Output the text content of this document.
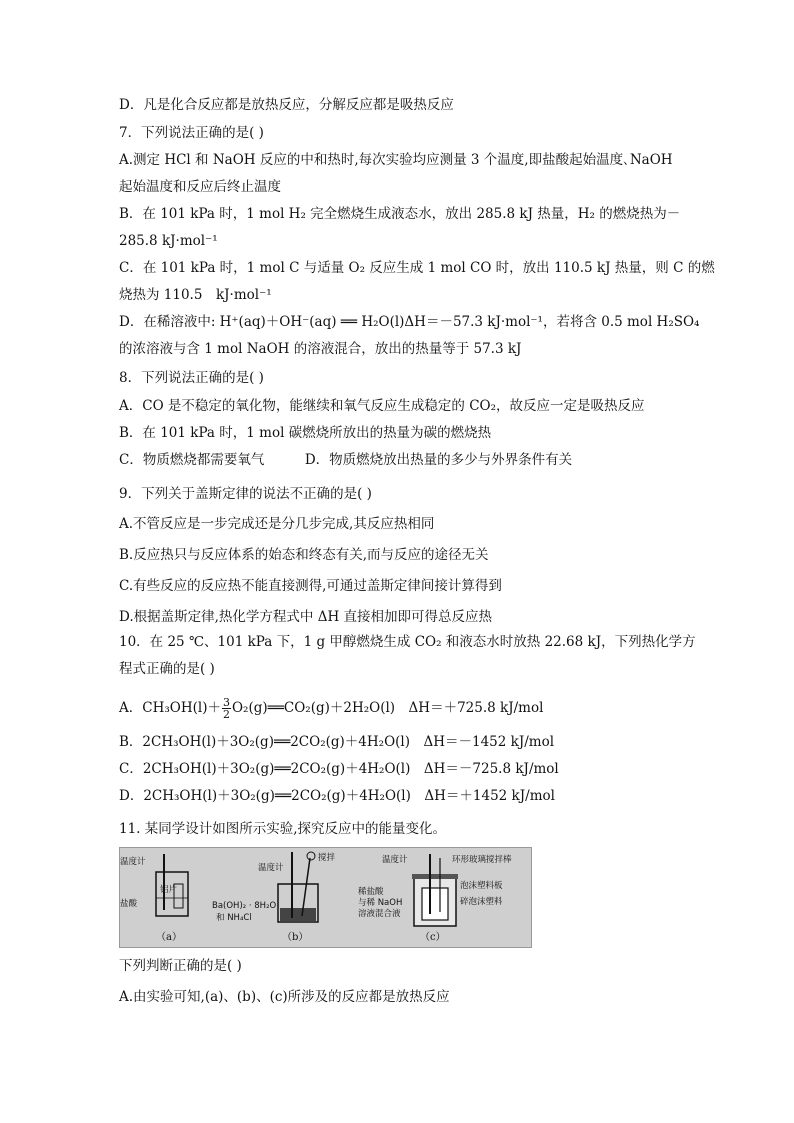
D．凡是化合反应都是放热反应，分解反应都是吸热反应
7．下列说法正确的是( )
A.测定 HCl 和 NaOH 反应的中和热时,每次实验均应测量 3 个温度,即盐酸起始温度､NaOH
起始温度和反应后终止温度
B．在 101 kPa 时，1 mol H₂ 完全燃烧生成液态水，放出 285.8 kJ 热量，H₂ 的燃烧热为－
285.8 kJ·mol⁻¹
C．在 101 kPa 时，1 mol C 与适量 O₂ 反应生成 1 mol CO 时，放出 110.5 kJ 热量，则 C 的燃
烧热为 110.5　kJ·mol⁻¹
D．在稀溶液中: H⁺(aq)＋OH⁻(aq) ══ H₂O(l)ΔH＝－57.3 kJ·mol⁻¹，若将含 0.5 mol H₂SO₄
的浓溶液与含 1 mol NaOH 的溶液混合，放出的热量等于 57.3 kJ
8．下列说法正确的是( )
A．CO 是不稳定的氧化物，能继续和氧气反应生成稳定的 CO₂，故反应一定是吸热反应
B．在 101 kPa 时，1 mol 碳燃烧所放出的热量为碳的燃烧热
C．物质燃烧都需要氧气　　　D．物质燃烧放出热量的多少与外界条件有关
9．下列关于盖斯定律的说法不正确的是( )
A.不管反应是一步完成还是分几步完成,其反应热相同
B.反应热只与反应体系的始态和终态有关,而与反应的途径无关
C.有些反应的反应热不能直接测得,可通过盖斯定律间接计算得到
D.根据盖斯定律,热化学方程式中 ΔH 直接相加即可得总反应热
10．在 25 ℃、101 kPa 下，1 g 甲醇燃烧生成 CO₂ 和液态水时放热 22.68 kJ，下列热化学方
程式正确的是( )
A．$CH_3OH(l)+ \frac{3}{2}$ O₂(g)══CO₂(g)＋2H₂O(l)　ΔH＝＋725.8 kJ/mol
B．2CH₃OH(l)＋3O₂(g)══2CO₂(g)＋4H₂O(l)　ΔH＝－1452 kJ/mol
C．2CH₃OH(l)＋3O₂(g)══2CO₂(g)＋4H₂O(l)　ΔH＝－725.8 kJ/mol
D．2CH₃OH(l)＋3O₂(g)══2CO₂(g)＋4H₂O(l)　ΔH＝＋1452 kJ/mol
11. 某同学设计如图所示实验,探究反应中的能量变化。
温度计
铝片
盐酸
（a）
温度计
搅拌
Ba(OH)₂ · 8H₂O
和 NH₄Cl
（b）
温度计	环形玻璃搅拌棒
泡沫塑料板
碎泡沫塑料
稀盐酸
与稀 NaOH
溶液混合液
（c）
下列判断正确的是( )
A.由实验可知,(a)、(b)、(c)所涉及的反应都是放热反应
